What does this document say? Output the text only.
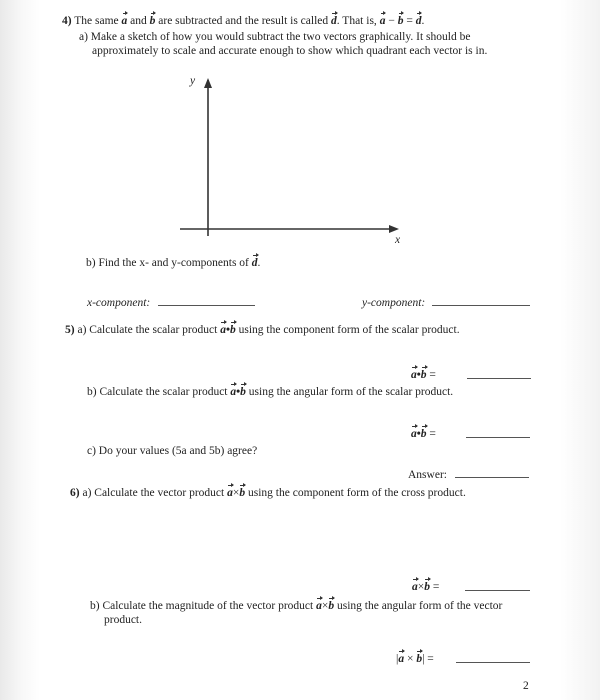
4) The same a and b are subtracted and the result is called d. That is, a − b = d.
a) Make a sketch of how you would subtract the two vectors graphically. It should be
approximately to scale and accurate enough to show which quadrant each vector is in.
y
x
b) Find the x- and y-components of d.
x-component:	y-component:
5) a) Calculate the scalar product a•b using the component form of the scalar product.
a•b =
b) Calculate the scalar product a•b using the angular form of the scalar product.
a•b =
c) Do your values (5a and 5b) agree?
Answer:
6) a) Calculate the vector product a×b using the component form of the cross product.
a×b =
b) Calculate the magnitude of the vector product a×b using the angular form of the vector
product.
|a × b| =
2
